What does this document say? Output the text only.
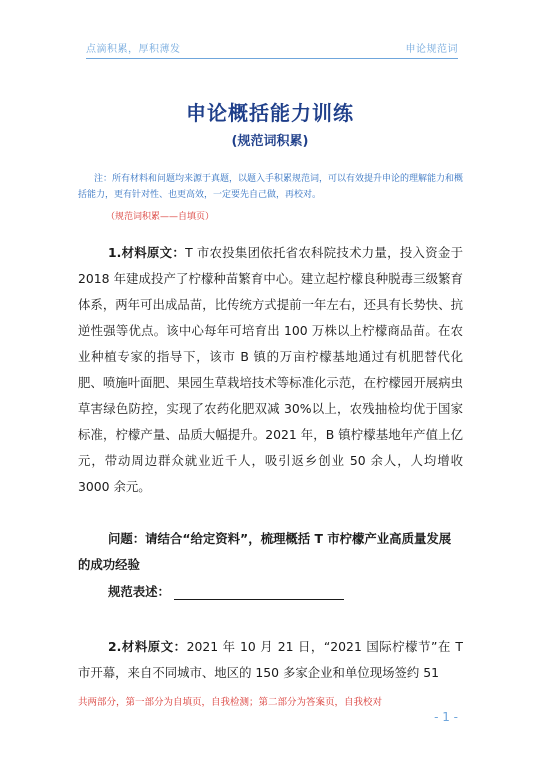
点滴积累，厚积薄发	申论规范词
申论概括能力训练
(规范词积累)
注：所有材料和问题均来源于真题，以题入手积累规范词，可以有效提升申论的理解能力和概括能力，更有针对性、也更高效，一定要先自己做，再校对。
（规范词积累——自填页）
1.材料原文：T 市农投集团依托省农科院技术力量，投入资金于 2018 年建成投产了柠檬种苗繁育中心。建立起柠檬良种脱毒三级繁育体系，两年可出成品苗，比传统方式提前一年左右，还具有长势快、抗逆性强等优点。该中心每年可培育出 100 万株以上柠檬商品苗。在农业种植专家的指导下，该市 B 镇的万亩柠檬基地通过有机肥替代化肥、喷施叶面肥、果园生草栽培技术等标准化示范，在柠檬园开展病虫草害绿色防控，实现了农药化肥双减 30%以上，农残抽检均优于国家标准，柠檬产量、品质大幅提升。2021 年，B 镇柠檬基地年产值上亿元，带动周边群众就业近千人，吸引返乡创业 50 余人，人均增收 3000 余元。
问题：请结合“给定资料”，梳理概括 T 市柠檬产业高质量发展的成功经验
规范表述：
2.材料原文：2021 年 10 月 21 日，“2021 国际柠檬节”在 T 市开幕，来自不同城市、地区的 150 多家企业和单位现场签约 51
共两部分，第一部分为自填页，自我检测；第二部分为答案页，自我校对
- 1 -
